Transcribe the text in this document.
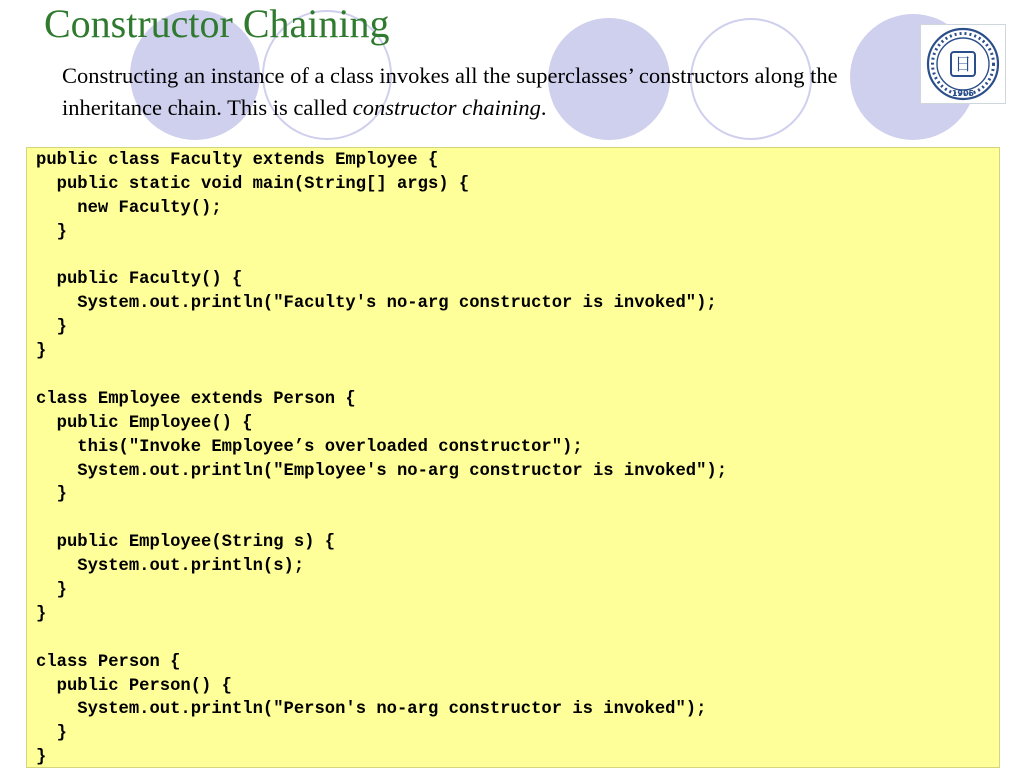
Constructor Chaining

Constructing an instance of a class invokes all the superclasses’ constructors along the inheritance chain. This is called constructor chaining.

日
1905
public class Faculty extends Employee {
public static void main(String[] args) {
new Faculty();
}

public Faculty() {
System.out.println("Faculty's no-arg constructor is invoked");
}
}

class Employee extends Person {
public Employee() {
this("Invoke Employee’s overloaded constructor");
System.out.println("Employee's no-arg constructor is invoked");
}

public Employee(String s) {
System.out.println(s);
}
}

class Person {
public Person() {
System.out.println("Person's no-arg constructor is invoked");
}
}
